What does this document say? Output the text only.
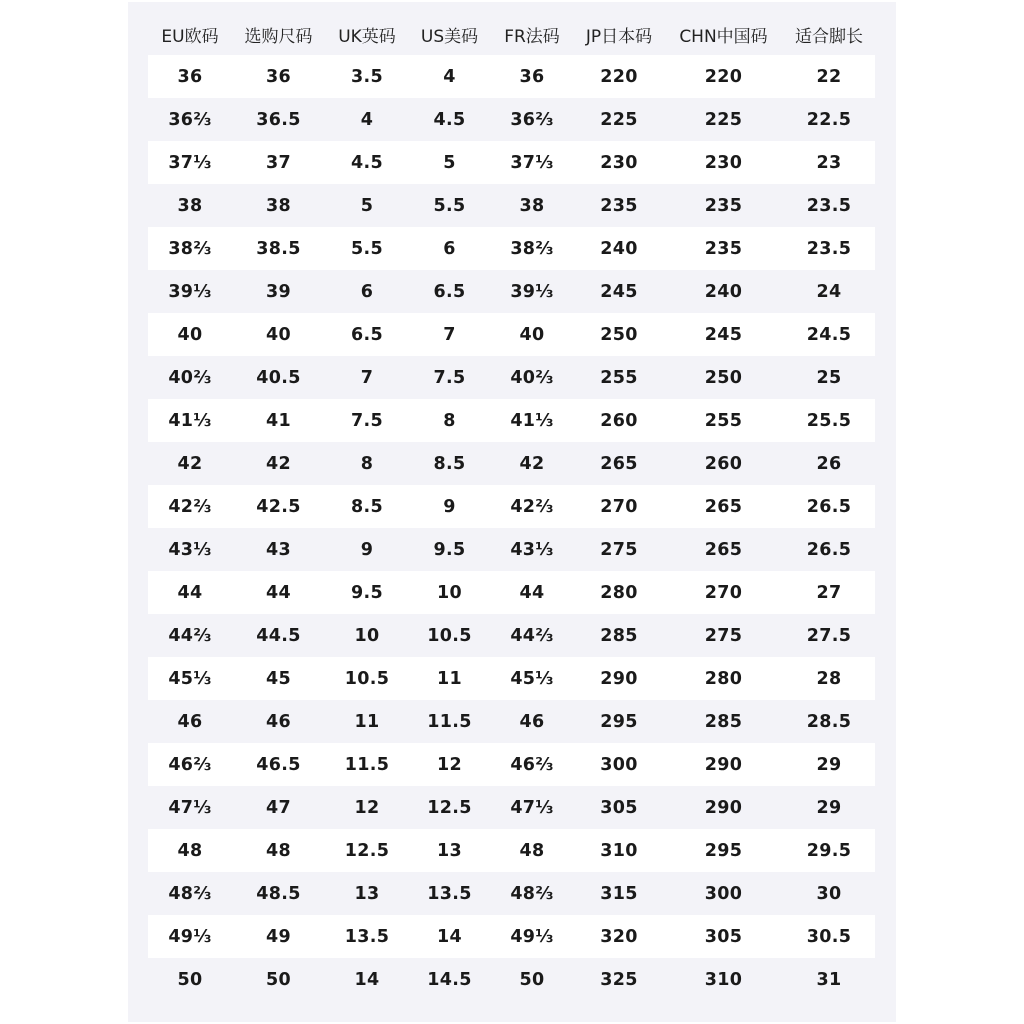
EU欧码	选购尺码	UK英码	US美码	FR法码	JP日本码	CHN中国码	适合脚长
36	36	3.5	4	36	220	220	22
36⅔	36.5	4	4.5	36⅔	225	225	22.5
37⅓	37	4.5	5	37⅓	230	230	23
38	38	5	5.5	38	235	235	23.5
38⅔	38.5	5.5	6	38⅔	240	235	23.5
39⅓	39	6	6.5	39⅓	245	240	24
40	40	6.5	7	40	250	245	24.5
40⅔	40.5	7	7.5	40⅔	255	250	25
41⅓	41	7.5	8	41⅓	260	255	25.5
42	42	8	8.5	42	265	260	26
42⅔	42.5	8.5	9	42⅔	270	265	26.5
43⅓	43	9	9.5	43⅓	275	265	26.5
44	44	9.5	10	44	280	270	27
44⅔	44.5	10	10.5	44⅔	285	275	27.5
45⅓	45	10.5	11	45⅓	290	280	28
46	46	11	11.5	46	295	285	28.5
46⅔	46.5	11.5	12	46⅔	300	290	29
47⅓	47	12	12.5	47⅓	305	290	29
48	48	12.5	13	48	310	295	29.5
48⅔	48.5	13	13.5	48⅔	315	300	30
49⅓	49	13.5	14	49⅓	320	305	30.5
50	50	14	14.5	50	325	310	31
